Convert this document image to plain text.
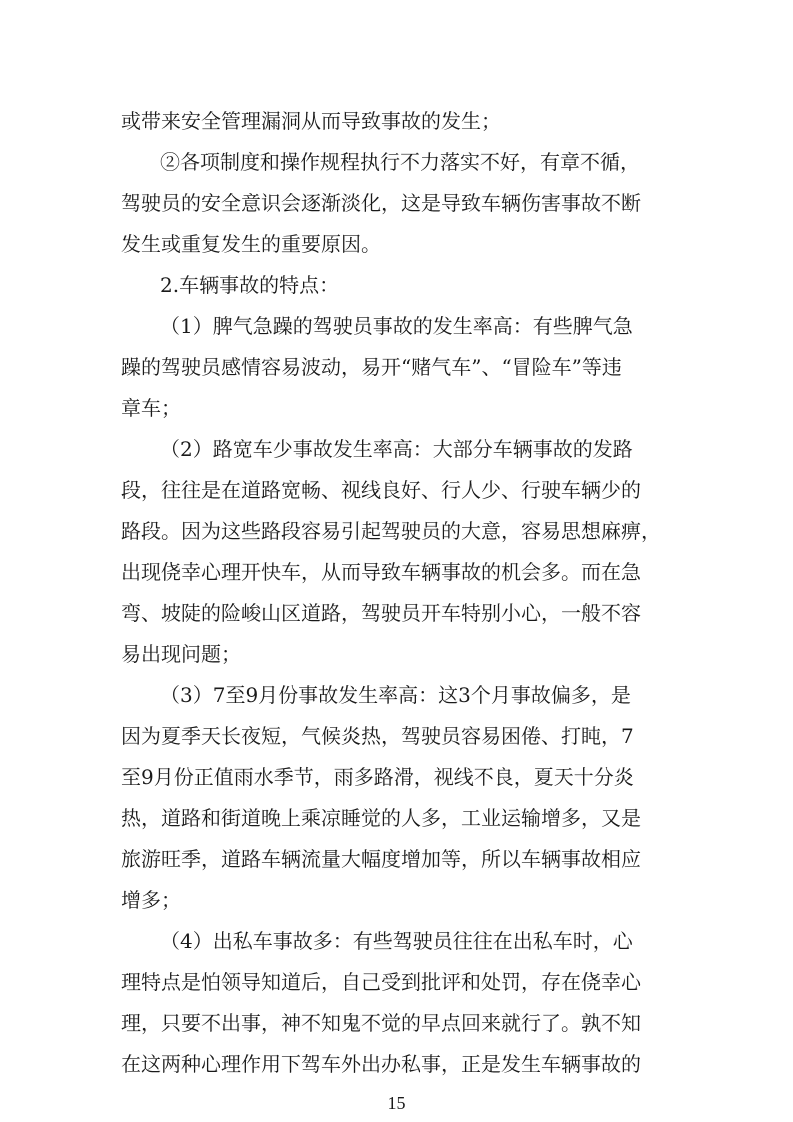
或带来安全管理漏洞从而导致事故的发生；
②各项制度和操作规程执行不力落实不好，有章不循，
驾驶员的安全意识会逐渐淡化，这是导致车辆伤害事故不断
发生或重复发生的重要原因。
2.车辆事故的特点：
（1）脾气急躁的驾驶员事故的发生率高：有些脾气急
躁的驾驶员感情容易波动，易开“赌气车”、“冒险车”等违
章车；
（2）路宽车少事故发生率高：大部分车辆事故的发路
段，往往是在道路宽畅、视线良好、行人少、行驶车辆少的
路段。因为这些路段容易引起驾驶员的大意，容易思想麻痹，
出现侥幸心理开快车，从而导致车辆事故的机会多。而在急
弯、坡陡的险峻山区道路，驾驶员开车特别小心，一般不容
易出现问题；
（3）7至9月份事故发生率高：这3个月事故偏多，是
因为夏季天长夜短，气候炎热，驾驶员容易困倦、打盹，7
至9月份正值雨水季节，雨多路滑，视线不良，夏天十分炎
热，道路和街道晚上乘凉睡觉的人多，工业运输增多，又是
旅游旺季，道路车辆流量大幅度增加等，所以车辆事故相应
增多；
（4）出私车事故多：有些驾驶员往往在出私车时，心
理特点是怕领导知道后，自己受到批评和处罚，存在侥幸心
理，只要不出事，神不知鬼不觉的早点回来就行了。孰不知
在这两种心理作用下驾车外出办私事，正是发生车辆事故的
15
